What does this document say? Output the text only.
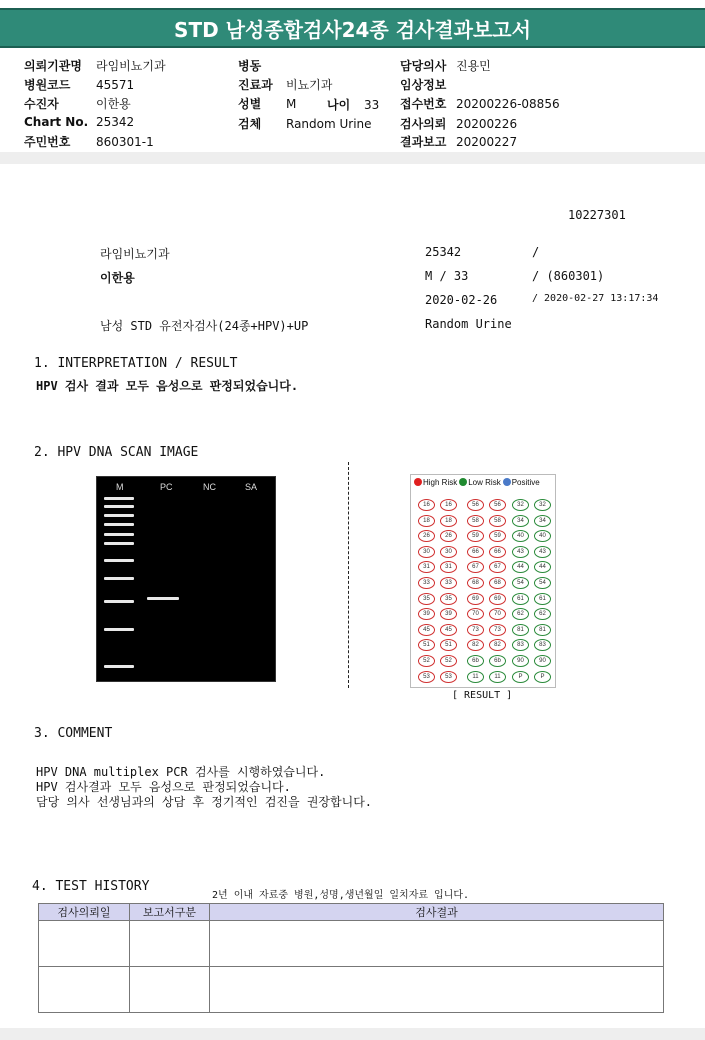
STD 남성종합검사24종 검사결과보고서
의뢰기관명 라임비뇨기과
병원코드 45571
수진자	이한용
Chart No. 25342
주민번호 860301-1
병동
진료과 비뇨기과
성별 M
검체 Random Urine
담당의사 진용민
임상정보
접수번호 20200226-08856
검사의뢰 20200226
결과보고 20200227
나이 33
10227301
라임비뇨기과	25342	/
이한용	M / 33	/ (860301)
2020-02-26	/ 2020-02-27 13:17:34
남성 STD 유전자검사(24종+HPV)+UP	Random Urine
1. INTERPRETATION / RESULT
HPV 검사 결과 모두 음성으로 판정되었습니다.
2. HPV DNA SCAN IMAGE
M	PC	NC	SA	High Risk Low Risk Positive
16	16	56	56	32	32
18	18	58	58	34	34
26	26	59	59	40	40
30	30	66	66	43	43
31	31	67	67	44	44
33	33	68	68	54	54
35	35	69	69	61	61
39	39	70	70	62	62
45	45	73	73	81	81
51	51	82	82	83	83
52	52	6b	6b	90	90
53	53	11	11	P	P
[ RESULT ]
3. COMMENT
HPV DNA multiplex PCR 검사를 시행하였습니다.
HPV 검사결과 모두 음성으로 판정되었습니다.
담당 의사 선생님과의 상담 후 정기적인 검진을 권장합니다.
4. TEST HISTORY
2년 이내 자료중 병원,성명,생년월일 일치자료 입니다.
검사의뢰일	보고서구분	검사결과
